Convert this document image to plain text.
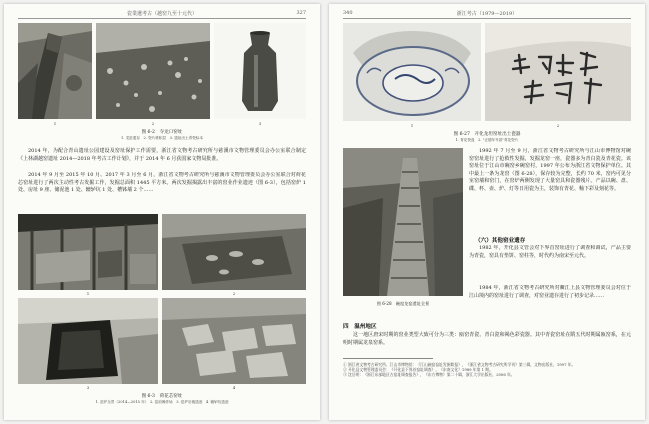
瓷業遺考古（越窑九至十元代）	327
1	2	3
图 6-2　寺龙口窑址
1. 龙窑遗存　2. 瓷片堆积层　3. 遗址出土青瓷标本
2014 年，为配合青山遗址公园建设及窑址保护工作需要，浙江省文物考古研究所与慈溪市文物管理委员会办公室联合制定《上林湖越窑遗址 2014—2018 年考古工作计划》，并于 2014 年 6 月获国家文物局批准。
2014 年 9 月至 2015 年 10 月、2017 年 3 月至 6 月，浙江省文物考古研究所与慈溪市文物管理委员会办公室联合对荷花芯窑址进行了两次主动性考古发掘工作，发掘总面积 1445 平方米。两次发掘揭露出丰富的窑业作业遗迹（图 6-3），包括窑炉 1 处、房址 9 座、储泥池 1 处、辘轳坑 1 处、槽钵墙 2 个……
1	2
3	4
图 6-3　荷花芯窑址
1. 窑炉全景（2014—2015 年）　2. 窑前操作场　3. 窑炉后墙遗迹　4. 辘轳坑遗迹
340	浙江考古（1979—2019）
1	2
图 6-27　开化龙坦窑址出土瓷器
1. 青花瓷盘　2. "正德年号款"青花瓷片
图 6-28　碗窑龙窑遗址全景
1992 年 7 月至 9 月，浙江省文物考古研究所与江山市博物馆对碗窑窑址进行了抢救性发掘，发掘龙窑一座，瓷器多为青白瓷及青花瓷。该窑址位于江山市碗窑乡碗窑村，1997 年公布为浙江省文物保护单位。其中最上一条为龙窑（图 6-28），保存较为完整，长约 70 米，窑内可见分室窑墙和窑门，在窑炉两侧发现了大量窑具和瓷器残片。产品以碗、盘、碟、杯、壶、炉、灯等日用瓷为主，装饰有青花、釉下彩及刻花等。
（六）其他窑业遗存
1982 年，开化县文管会对下界首窑址进行了调查和调试，产品主要为青瓷，窑具有垫饼、窑柱等，时代约为南宋至元代。
1984 年，浙江省文物考古研究所对衢江上县文物管理委员会对位于江山境内的窑址进行了调查，对窑业遗存进行了初步记录……
四　温州地区
这一地区唐宋时期的窑业类型大致可分为三类：瓯窑青瓷、青白瓷和褐色彩瓷器。其中青瓷窑址在隋五代时期属瓯窑系，在元明时期属龙泉窑系。
① 浙江省文物考古研究所、江山市博物馆：《江山碗窑窑址发掘简报》，《浙江省文物考古研究所学刊》第三辑，文物出版社，1997 年。
② 开化县文物管理委员会：《开化县下界首窑址调查》，《东南文化》1989 年第 1 期。
③ 沈岳明：《浙江东部地区古窑址调查报告》，《东方博物》第二十辑，浙江大学出版社，2006 年。
